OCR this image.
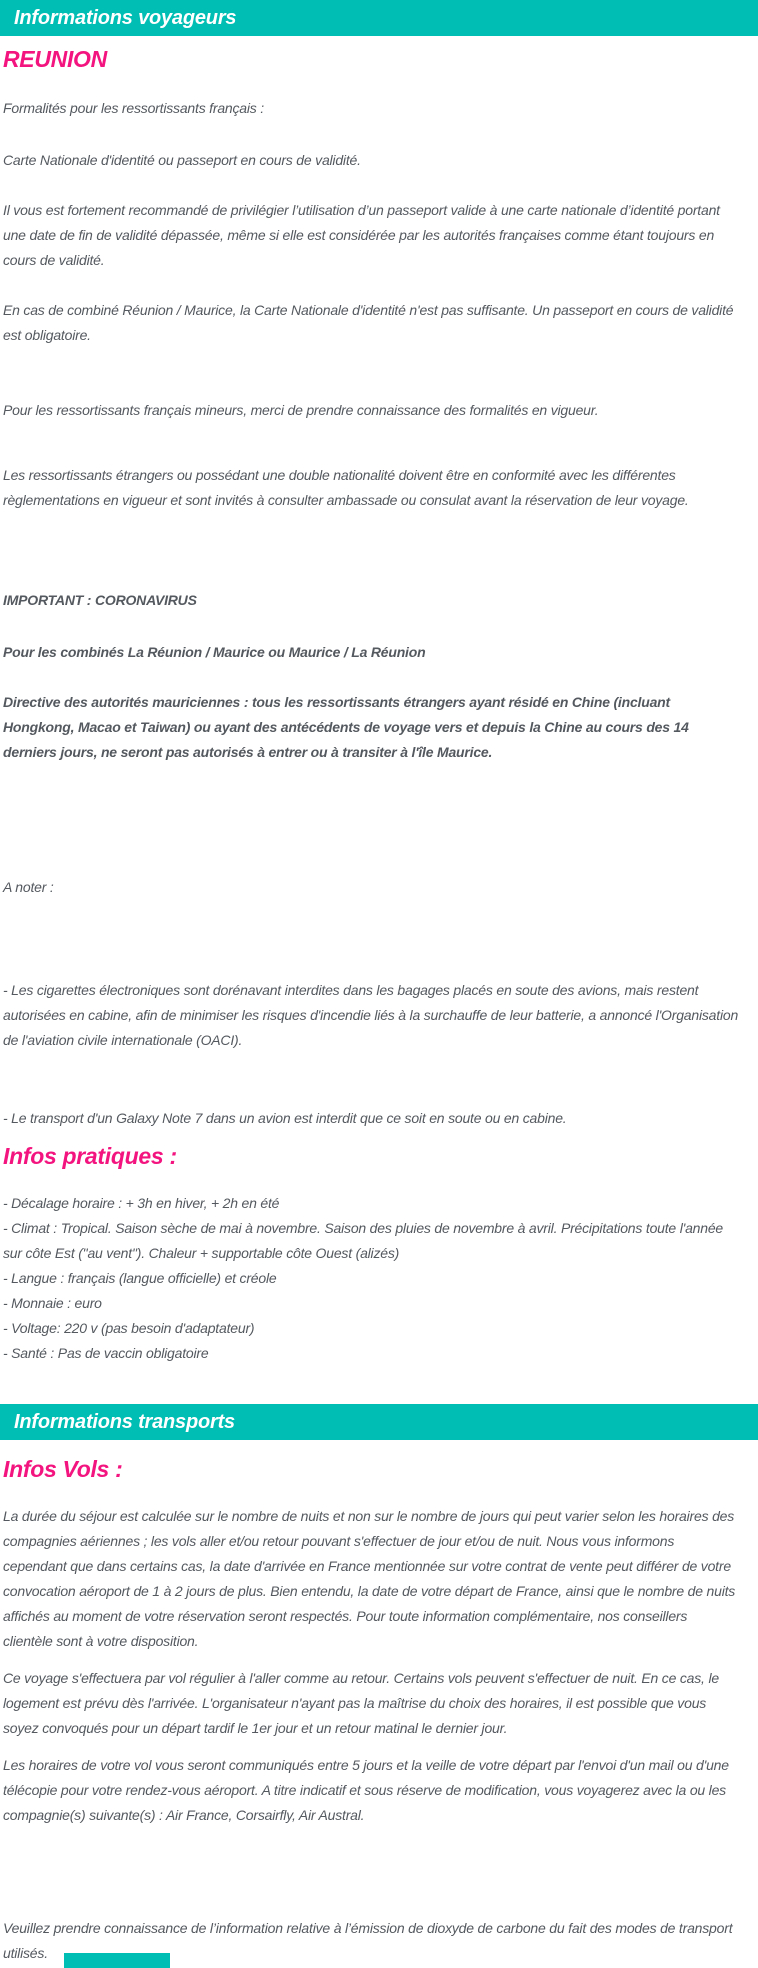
Informations voyageurs
REUNION

Formalités pour les ressortissants français :

Carte Nationale d'identité ou passeport en cours de validité.

Il vous est fortement recommandé de privilégier l’utilisation d’un passeport valide à une carte nationale d’identité portant une date de fin de validité dépassée, même si elle est considérée par les autorités françaises comme étant toujours en cours de validité.

En cas de combiné Réunion / Maurice, la Carte Nationale d'identité n'est pas suffisante. Un passeport en cours de validité est obligatoire.

Pour les ressortissants français mineurs, merci de prendre connaissance des formalités en vigueur.

Les ressortissants étrangers ou possédant une double nationalité doivent être en conformité avec les différentes règlementations en vigueur et sont invités à consulter ambassade ou consulat avant la réservation de leur voyage.

IMPORTANT : CORONAVIRUS

Pour les combinés La Réunion / Maurice ou Maurice / La Réunion

Directive des autorités mauriciennes : tous les ressortissants étrangers ayant résidé en Chine (incluant Hongkong, Macao et Taiwan) ou ayant des antécédents de voyage vers et depuis la Chine au cours des 14 derniers jours, ne seront pas autorisés à entrer ou à transiter à l'île Maurice.

A noter :

- Les cigarettes électroniques sont dorénavant interdites dans les bagages placés en soute des avions, mais restent autorisées en cabine, afin de minimiser les risques d'incendie liés à la surchauffe de leur batterie, a annoncé l'Organisation de l'aviation civile internationale (OACI).

- Le transport d'un Galaxy Note 7 dans un avion est interdit que ce soit en soute ou en cabine.

Infos pratiques :

- Décalage horaire : + 3h en hiver, + 2h en été

- Climat : Tropical. Saison sèche de mai à novembre. Saison des pluies de novembre à avril. Précipitations toute l'année sur côte Est ("au vent"). Chaleur + supportable côte Ouest (alizés)

- Langue : français (langue officielle) et créole

- Monnaie : euro

- Voltage: 220 v (pas besoin d'adaptateur)

- Santé : Pas de vaccin obligatoire

Informations transports
Infos Vols :

La durée du séjour est calculée sur le nombre de nuits et non sur le nombre de jours qui peut varier selon les horaires des compagnies aériennes ; les vols aller et/ou retour pouvant s'effectuer de jour et/ou de nuit. Nous vous informons cependant que dans certains cas, la date d'arrivée en France mentionnée sur votre contrat de vente peut différer de votre convocation aéroport de 1 à 2 jours de plus. Bien entendu, la date de votre départ de France, ainsi que le nombre de nuits affichés au moment de votre réservation seront respectés. Pour toute information complémentaire, nos conseillers clientèle sont à votre disposition.

Ce voyage s'effectuera par vol régulier à l'aller comme au retour. Certains vols peuvent s'effectuer de nuit. En ce cas, le logement est prévu dès l'arrivée. L'organisateur n'ayant pas la maîtrise du choix des horaires, il est possible que vous soyez convoqués pour un départ tardif le 1er jour et un retour matinal le dernier jour.

Les horaires de votre vol vous seront communiqués entre 5 jours et la veille de votre départ par l'envoi d'un mail ou d'une télécopie pour votre rendez-vous aéroport. A titre indicatif et sous réserve de modification, vous voyagerez avec la ou les compagnie(s) suivante(s) : Air France, Corsairfly, Air Austral.

Veuillez prendre connaissance de l’information relative à l’émission de dioxyde de carbone du fait des modes de transport utilisés.
